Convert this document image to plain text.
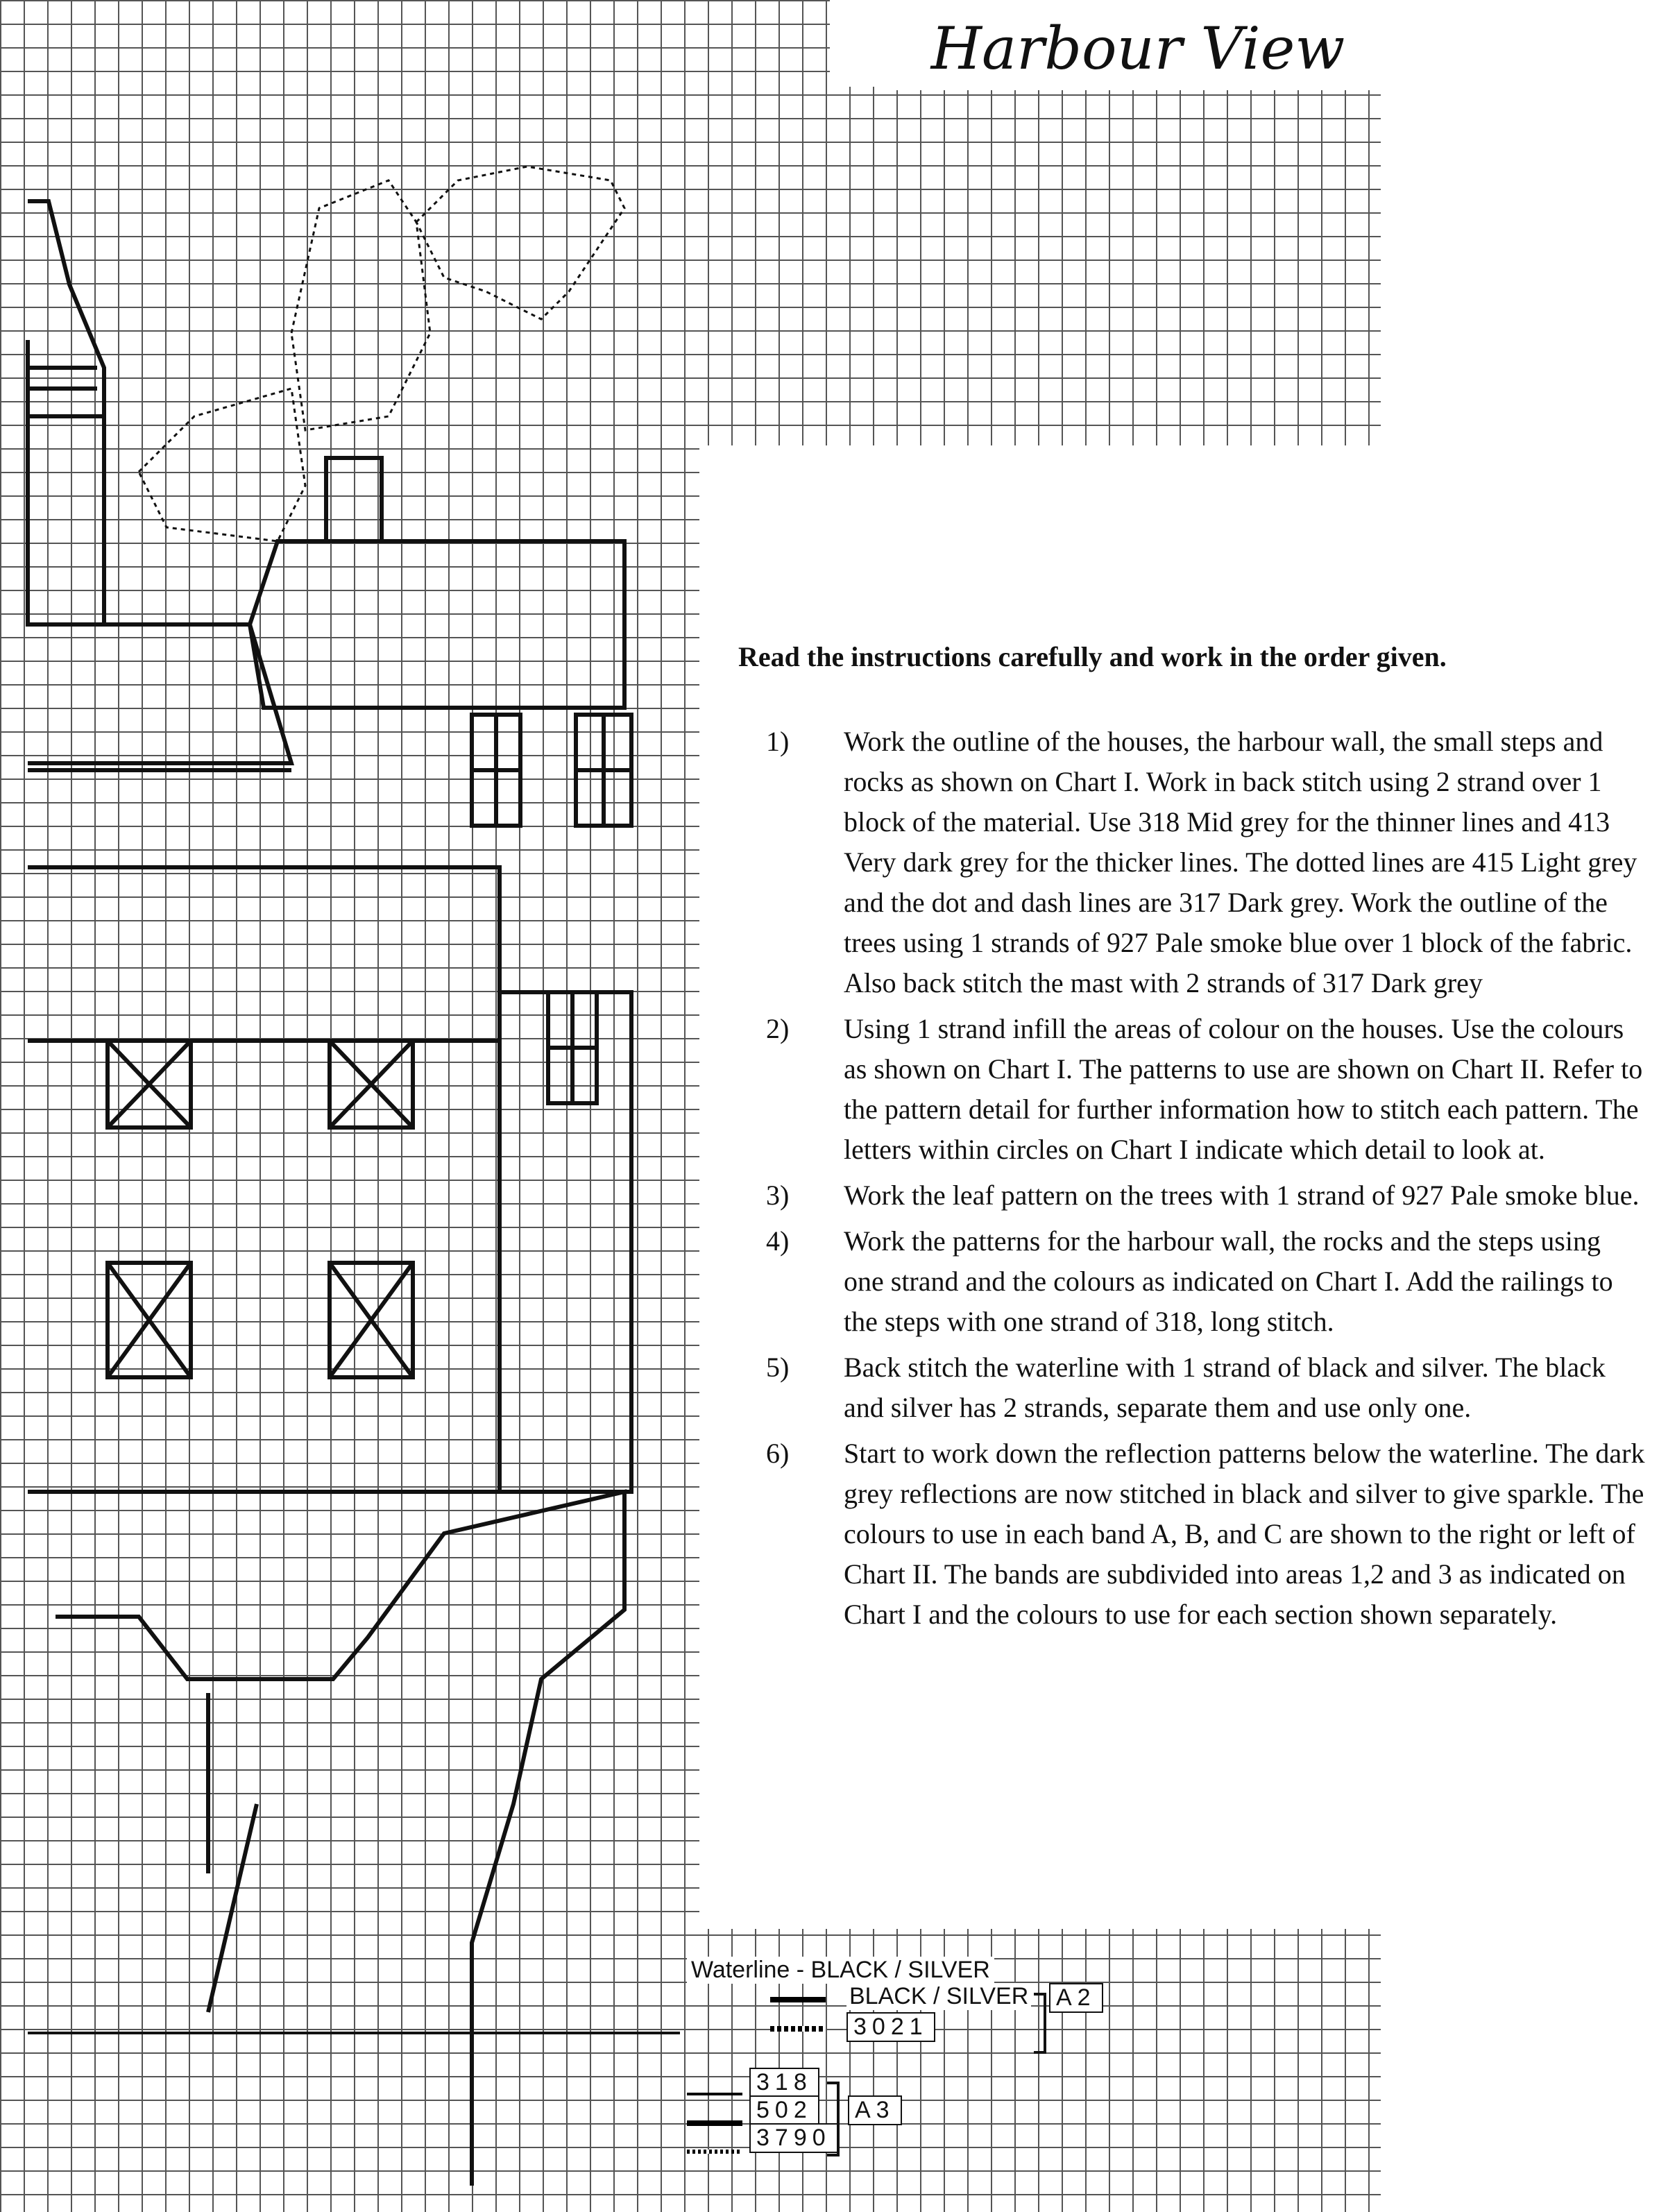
Harbour View
Read the instructions carefully and work in the order given.
1)	Work the outline of the houses, the harbour wall, the small steps and rocks as shown on Chart I. Work in back stitch using 2 strand over 1 block of the material. Use 318 Mid grey for the thinner lines and 413 Very dark grey for the thicker lines. The dotted lines are 415 Light grey and the dot and dash lines are 317 Dark grey. Work the outline of the trees using 1 strands of 927 Pale smoke blue over 1 block of the fabric. Also back stitch the mast with 2 strands of 317 Dark grey
2)	Using 1 strand infill the areas of colour on the houses. Use the colours as shown on Chart I. The patterns to use are shown on Chart II. Refer to the pattern detail for further information how to stitch each pattern. The letters within circles on Chart I indicate which detail to look at.
3)	Work the leaf pattern on the trees with 1 strand of 927 Pale smoke blue.
4)	Work the patterns for the harbour wall, the rocks and the steps using one strand and the colours as indicated on Chart I. Add the railings to the steps with one strand of 318, long stitch.
5)	Back stitch the waterline with 1 strand of black and silver. The black and silver has 2 strands, separate them and use only one.
6)	Start to work down the reflection patterns below the waterline. The dark grey reflections are now stitched in black and silver to give sparkle. The colours to use in each band A, B, and C are shown to the right or left of Chart II. The bands are subdivided into areas 1,2 and 3 as indicated on Chart I and the colours to use for each section shown separately.
Waterline - BLACK / SILVER
BLACK / SILVER A2
3021
318
502
3790
A3
